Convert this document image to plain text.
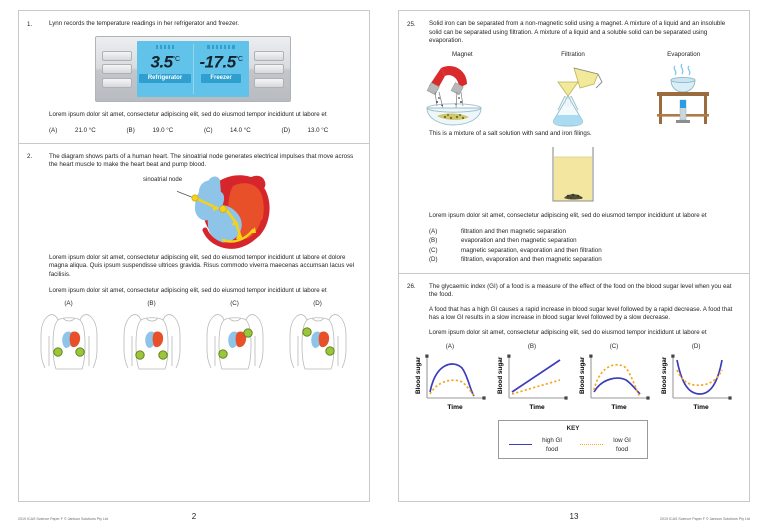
1.	Lynn records the temperature readings in her refrigerator and freezer.
$3.5^{^\circ C}$
Refrigerator
$-17.5^{^\circ C}$
Freezer
Lorem ipsum dolor sit amet, consectetur adipiscing elit, sed do eiusmod tempor incididunt ut labore et
(A)	21.0 °C	(B)	19.0 °C	(C)	14.0 °C	(D)	13.0 °C
2.	The diagram shows parts of a human heart. The sinoatrial node generates electrical impulses that move across the heart muscle to make the heart beat and pump blood.
sinoatrial node
Lorem ipsum dolor sit amet, consectetur adipiscing elit, sed do eiusmod tempor incididunt ut labore et dolore magna aliqua. Quis ipsum suspendisse ultrices gravida. Risus commodo viverra maecenas accumsan lacus vel facilisis.
Lorem ipsum dolor sit amet, consectetur adipiscing elit, sed do eiusmod tempor incididunt ut labore et
(A)	(B)	(C)	(D)
2019 ICAS Science Paper F © Janison Solutions Pty Ltd	2
25.	Solid iron can be separated from a non-magnetic solid using a magnet. A mixture of a liquid and an insoluble solid can be separated using filtration. A mixture of a liquid and a soluble solid can be separated using evaporation.
Magnet	Filtration	Evaporation
This is a mixture of a salt solution with sand and iron filings.
Lorem ipsum dolor sit amet, consectetur adipiscing elit, sed do eiusmod tempor incididunt ut labore et
(A)	filtration and then magnetic separation
(B)	evaporation and then magnetic separation
(C)	magnetic separation, evaporation and then filtration
(D)	filtration, evaporation and then magnetic separation
26.	The glycaemic index (GI) of a food is a measure of the effect of the food on the blood sugar level when you eat the food.
A food that has a high GI causes a rapid increase in blood sugar level followed by a rapid decrease. A food that has a low GI results in a slow increase in blood sugar level followed by a slow decrease.
Lorem ipsum dolor sit amet, consectetur adipiscing elit, sed do eiusmod tempor incididunt ut labore et
(A)
Blood sugar
Time
(B)
Blood sugar
Time
(C)
Blood sugar
Time
(D)
Blood sugar
Time
KEY
high GI food
low GI food
13	2019 ICAS Science Paper F © Janison Solutions Pty Ltd
